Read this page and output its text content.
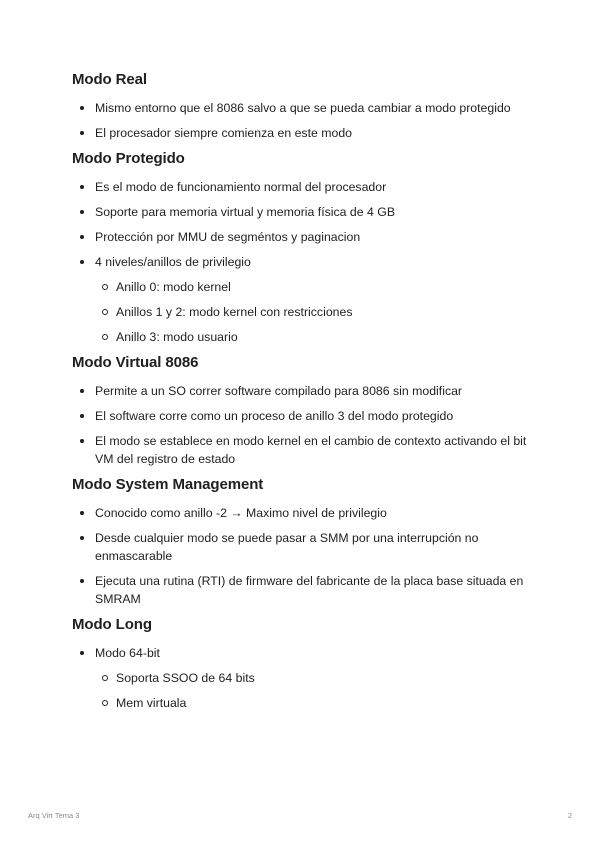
Modo Real
Mismo entorno que el 8086 salvo a que se pueda cambiar a modo protegido
El procesador siempre comienza en este modo
Modo Protegido
Es el modo de funcionamiento normal del procesador
Soporte para memoria virtual y memoria física de 4 GB
Protección por MMU de segméntos y paginacion
4 niveles/anillos de privilegio
Anillo 0: modo kernel
Anillos 1 y 2: modo kernel con restricciones
Anillo 3: modo usuario
Modo Virtual 8086
Permite a un SO correr software compilado para 8086 sin modificar
El software corre como un proceso de anillo 3 del modo protegido
El modo se establece en modo kernel en el cambio de contexto activando el bit VM del registro de estado
Modo System Management
Conocido como anillo -2 → Maximo nivel de privilegio
Desde cualquier modo se puede pasar a SMM por una interrupción no enmascarable
Ejecuta una rutina (RTI) de firmware del fabricante de la placa base situada en SMRAM
Modo Long
Modo 64-bit
Soporta SSOO de 64 bits
Mem virtuala
Arq Virt Tema 3	2
